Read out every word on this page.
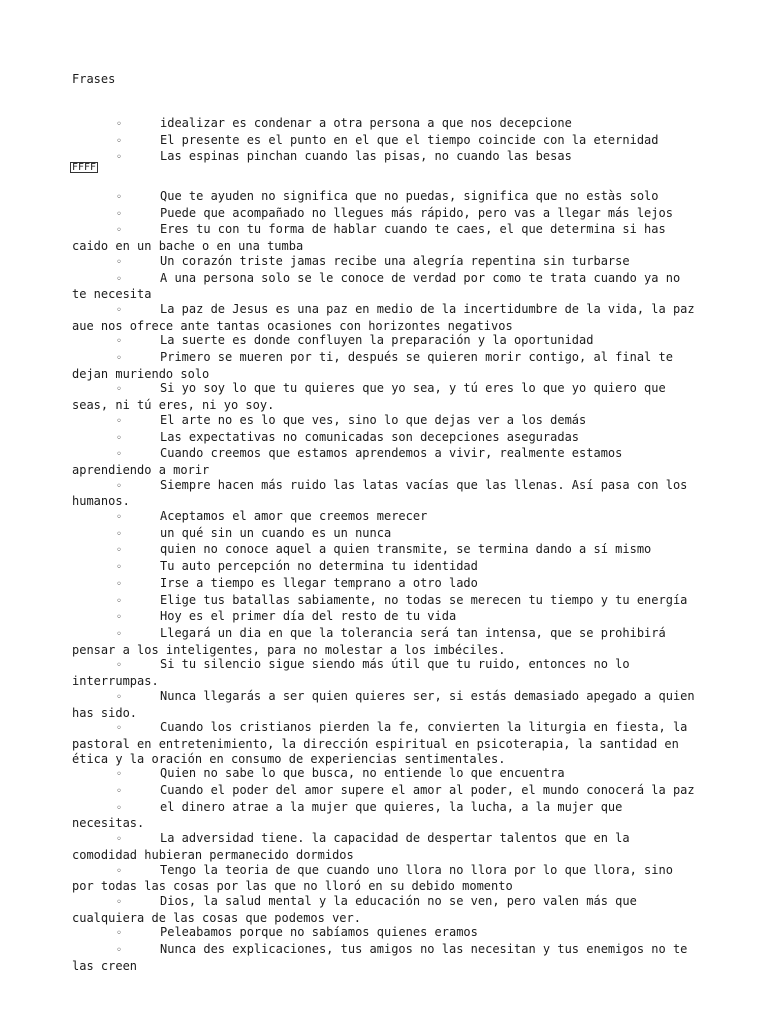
Frases
◦	idealizar es condenar a otra persona a que nos decepcione
◦	El presente es el punto en el que el tiempo coincide con la eternidad
◦	Las espinas pinchan cuando las pisas, no cuando las besas
FFFF
◦	Que te ayuden no significa que no puedas, significa que no estàs solo
◦	Puede que acompañado no llegues más rápido, pero vas a llegar más lejos
◦	Eres tu con tu forma de hablar cuando te caes, el que determina si has caido en un bache o en una tumba
◦	Un corazón triste jamas recibe una alegría repentina sin turbarse
◦	A una persona solo se le conoce de verdad por como te trata cuando ya no te necesita
◦	La paz de Jesus es una paz en medio de la incertidumbre de la vida, la paz aue nos ofrece ante tantas ocasiones con horizontes negativos
◦	La suerte es donde confluyen la preparación y la oportunidad
◦	Primero se mueren por ti, después se quieren morir contigo, al final te dejan muriendo solo
◦	Si yo soy lo que tu quieres que yo sea, y tú eres lo que yo quiero que seas, ni tú eres, ni yo soy.
◦	El arte no es lo que ves, sino lo que dejas ver a los demás
◦	Las expectativas no comunicadas son decepciones aseguradas
◦	Cuando creemos que estamos aprendemos a vivir, realmente estamos aprendiendo a morir
◦	Siempre hacen más ruido las latas vacías que las llenas. Así pasa con los humanos.
◦	Aceptamos el amor que creemos merecer
◦	un qué sin un cuando es un nunca
◦	quien no conoce aquel a quien transmite, se termina dando a sí mismo
◦	Tu auto percepción no determina tu identidad
◦	Irse a tiempo es llegar temprano a otro lado
◦	Elige tus batallas sabiamente, no todas se merecen tu tiempo y tu energía
◦	Hoy es el primer día del resto de tu vida
◦	Llegará un dia en que la tolerancia será tan intensa, que se prohibirá pensar a los inteligentes, para no molestar a los imbéciles.
◦	Si tu silencio sigue siendo más útil que tu ruido, entonces no lo interrumpas.
◦	Nunca llegarás a ser quien quieres ser, si estás demasiado apegado a quien has sido.
◦	Cuando los cristianos pierden la fe, convierten la liturgia en fiesta, la pastoral en entretenimiento, la dirección espiritual en psicoterapia, la santidad en ética y la oración en consumo de experiencias sentimentales.
◦	Quien no sabe lo que busca, no entiende lo que encuentra
◦	Cuando el poder del amor supere el amor al poder, el mundo conocerá la paz
◦	el dinero atrae a la mujer que quieres, la lucha, a la mujer que necesitas.
◦	La adversidad tiene. la capacidad de despertar talentos que en la comodidad hubieran permanecido dormidos
◦	Tengo la teoria de que cuando uno llora no llora por lo que llora, sino por todas las cosas por las que no lloró en su debido momento
◦	Dios, la salud mental y la educación no se ven, pero valen más que cualquiera de las cosas que podemos ver.
◦	Peleabamos porque no sabíamos quienes eramos
◦	Nunca des explicaciones, tus amigos no las necesitan y tus enemigos no te las creen
